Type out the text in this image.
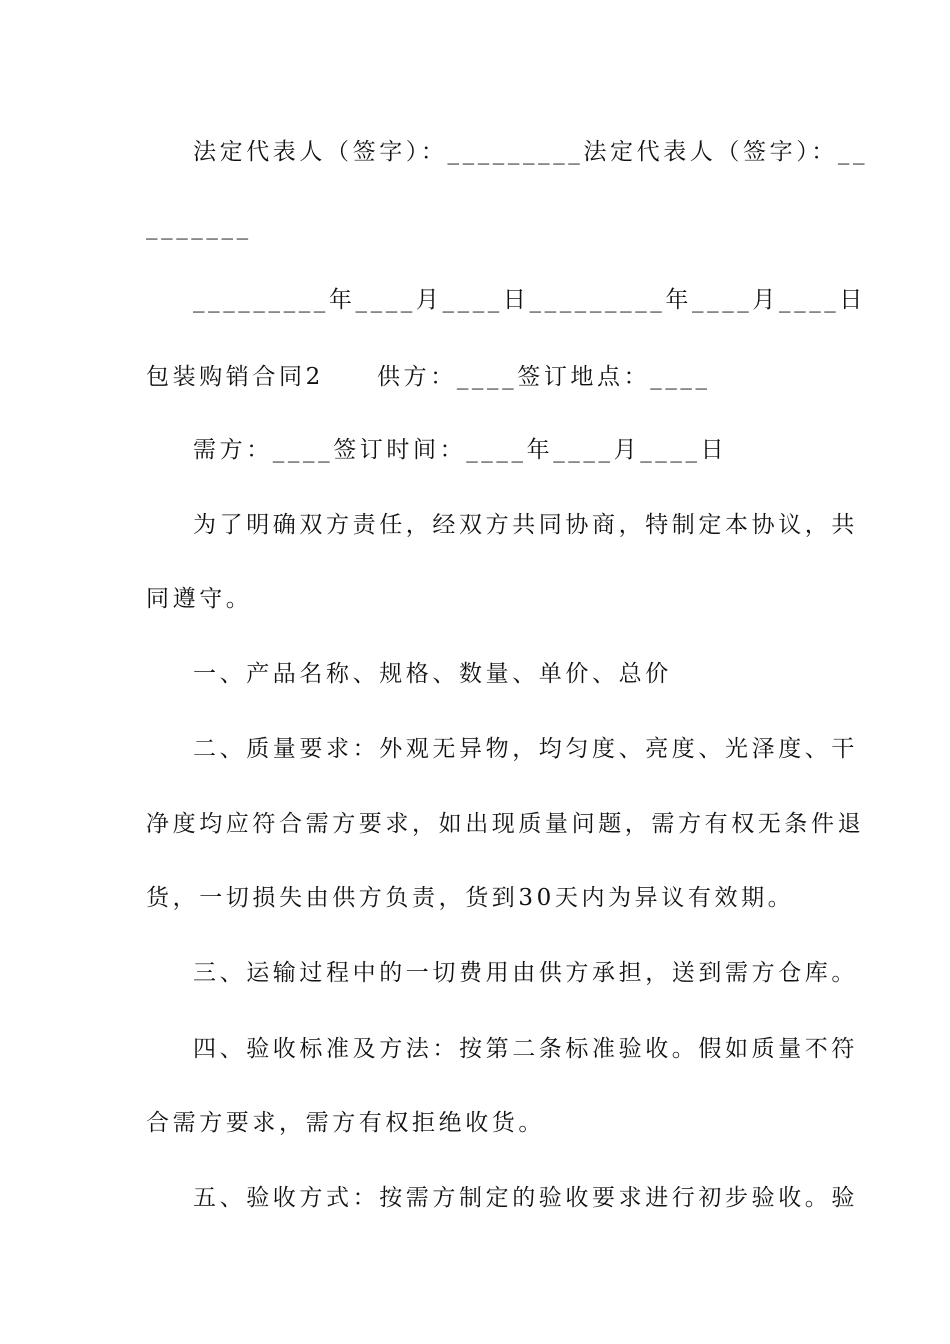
法定代表人（签字）：_________法定代表人（签字）：__
_______
_________年____月____日_________年____月____日
包装购销合同2　　供方：____签订地点：____
需方：____签订时间：____年____月____日
为了明确双方责任，经双方共同协商，特制定本协议，共
同遵守。
一、产品名称、规格、数量、单价、总价
二、质量要求：外观无异物，均匀度、亮度、光泽度、干
净度均应符合需方要求，如出现质量问题，需方有权无条件退
货，一切损失由供方负责，货到30天内为异议有效期。
三、运输过程中的一切费用由供方承担，送到需方仓库。
四、验收标准及方法：按第二条标准验收。假如质量不符
合需方要求，需方有权拒绝收货。
五、验收方式：按需方制定的验收要求进行初步验收。验
